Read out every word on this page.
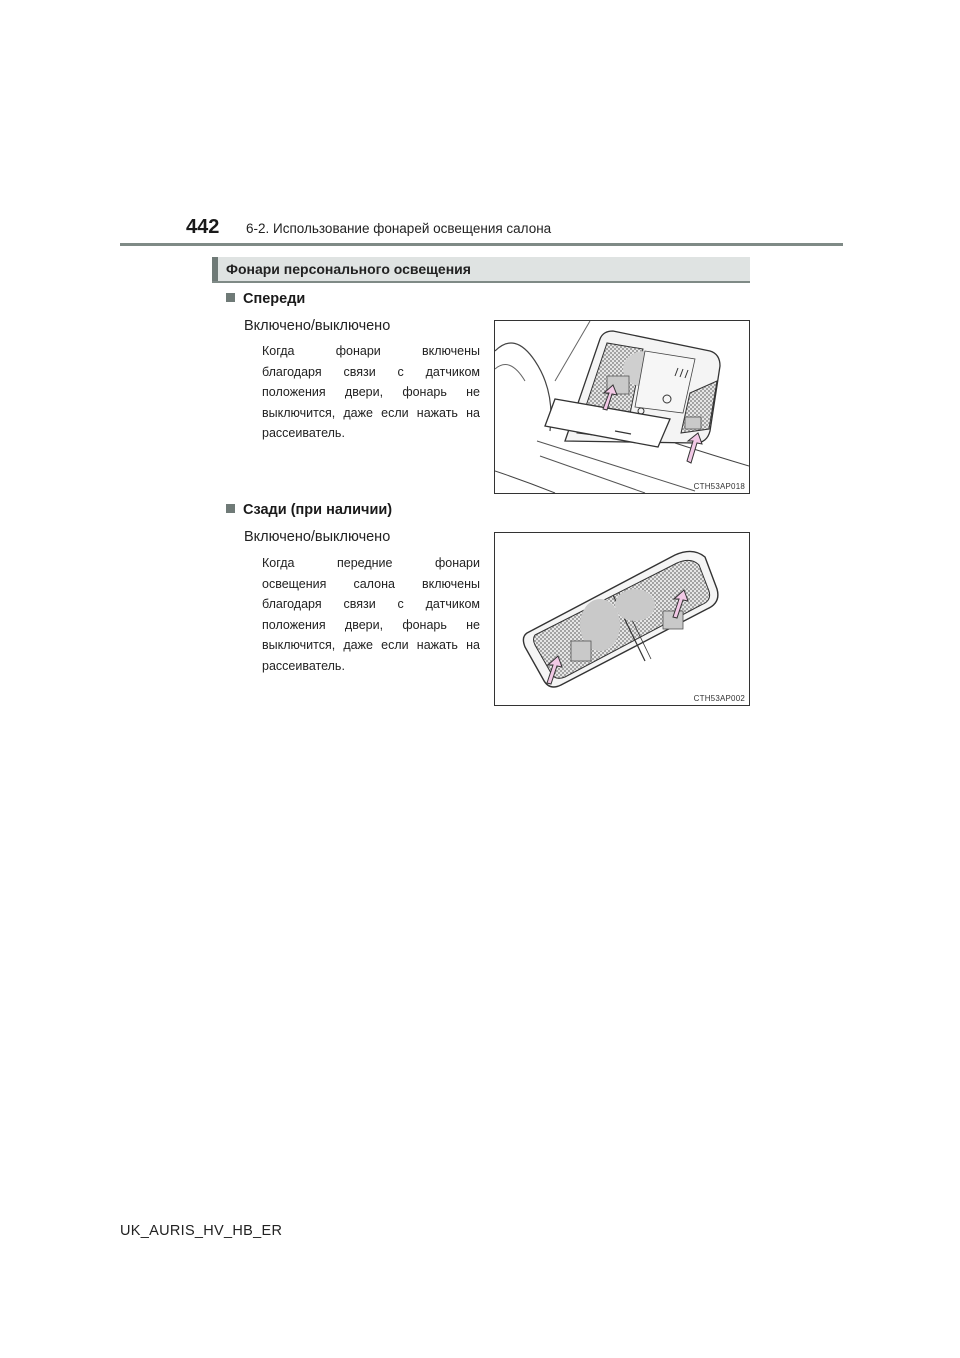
442 6-2. Использование фонарей освещения салона
Фонари персонального освещения
Спереди
Включено/выключено
Когда фонари включены
благодаря связи с датчиком
положения двери, фонарь не
выключится, даже если нажать на
рассеиватель.
CTH53AP018
Сзади (при наличии)
Включено/выключено
Когда передние фонари
освещения салона включены
благодаря связи с датчиком
положения двери, фонарь не
выключится, даже если нажать на
рассеиватель.
CTH53AP002
UK_AURIS_HV_HB_ER
